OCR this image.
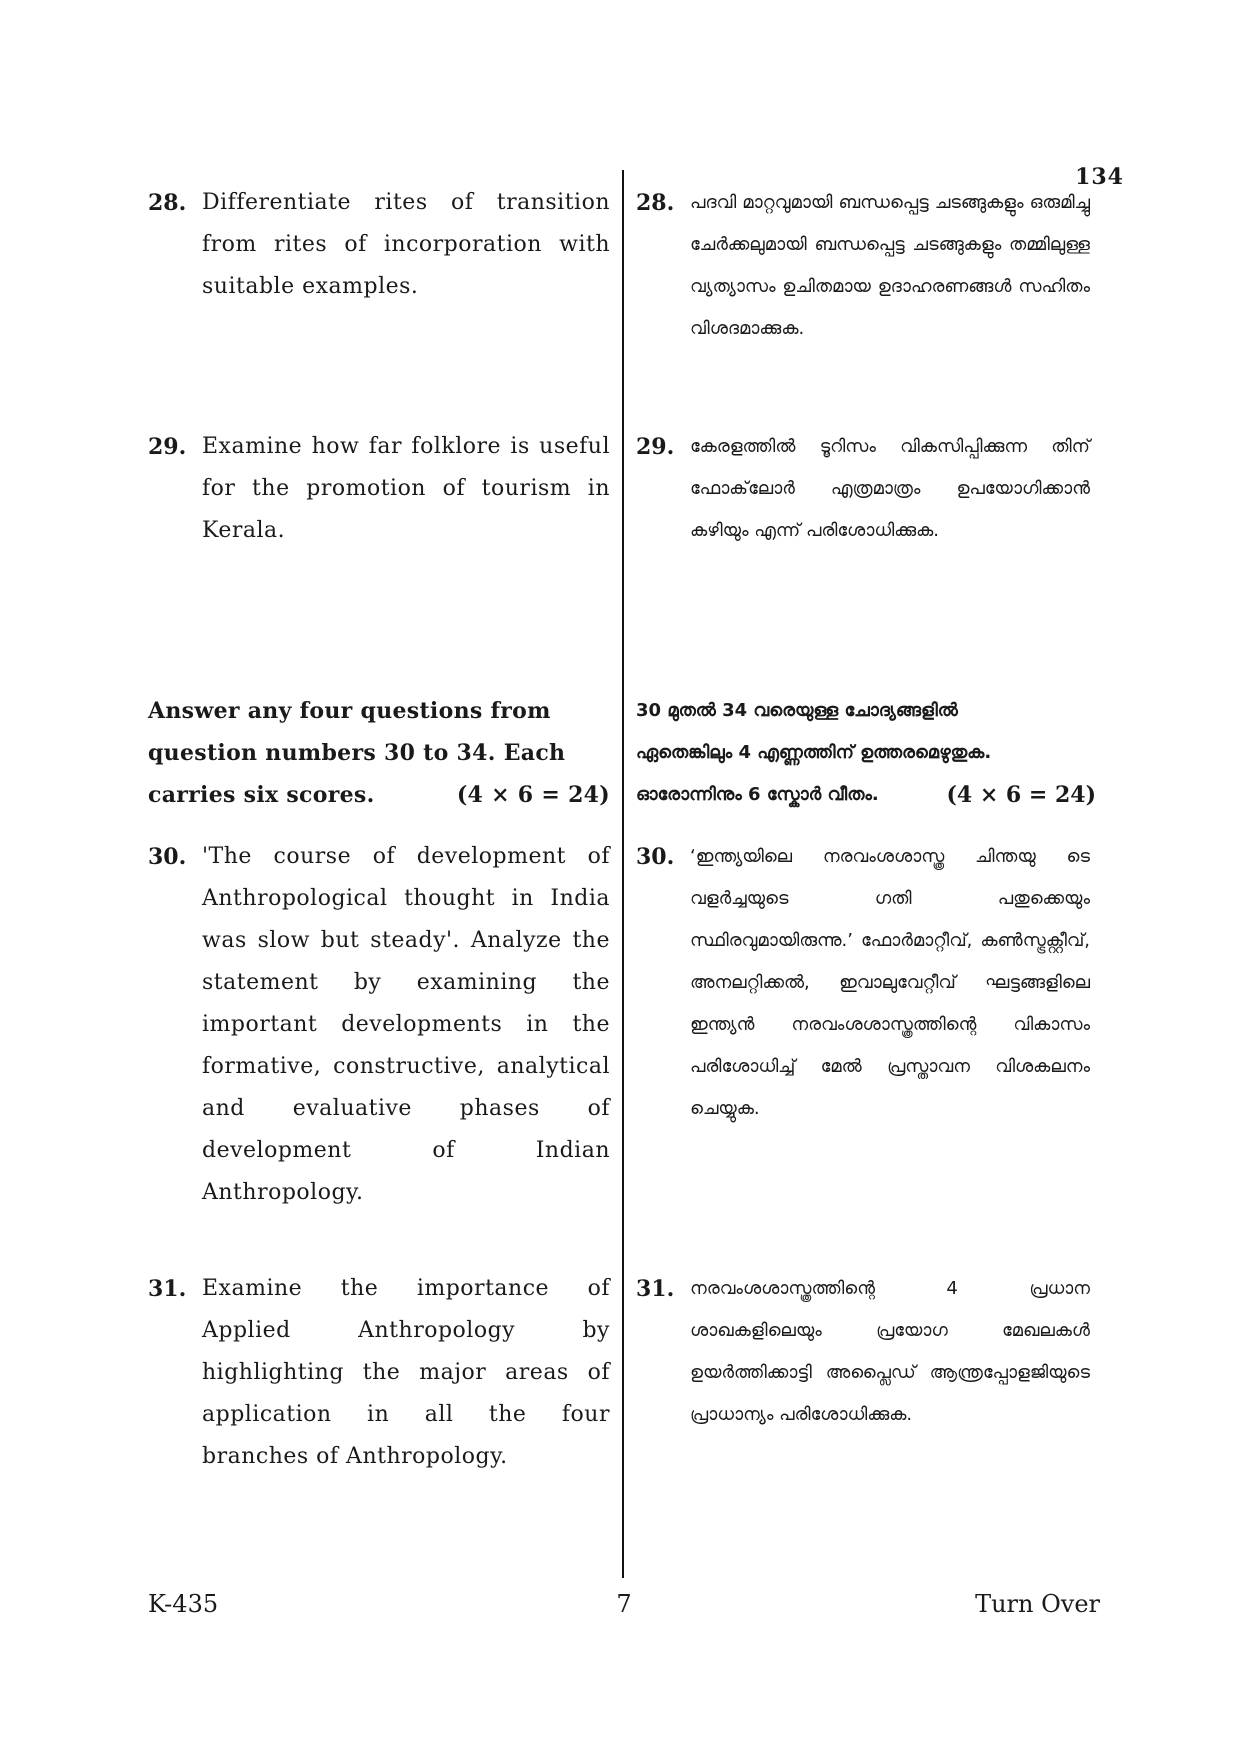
134
28. Differentiate rites of transition from rites of incorporation with suitable examples.
29. Examine how far folklore is useful for the promotion of tourism in Kerala.
Answer any four questions from question numbers 30 to 34. Each carries six scores.	(4 × 6 = 24)
30. 'The course of development of Anthropological thought in India was slow but steady'. Analyze the statement by examining the important developments in the formative, constructive, analytical and evaluative phases of development of Indian Anthropology.
31. Examine the importance of Applied Anthropology by highlighting the major areas of application in all the four branches of Anthropology.
28. പദവി മാറ്റവുമായി ബന്ധപ്പെട്ട ചടങ്ങുകളും ഒരുമിച്ചു ചേർക്കലുമായി ബന്ധപ്പെട്ട ചടങ്ങുകളും തമ്മിലുള്ള വ്യത്യാസം ഉചിതമായ ഉദാഹരണങ്ങൾ സഹിതം വിശദമാക്കുക.
29. കേരളത്തിൽ ടൂറിസം വികസിപ്പിക്കുന്ന തിന് ഫോക്‌ലോർ എത്രമാത്രം ഉപയോഗിക്കാൻ കഴിയും എന്ന് പരിശോധിക്കുക.
30 മുതൽ 34 വരെയുള്ള ചോദ്യങ്ങളിൽ
ഏതെങ്കിലും 4 എണ്ണത്തിന് ഉത്തരമെഴുതുക.
ഓരോന്നിനും 6 സ്കോർ വീതം.	(4 × 6 = 24)
30. ‘ഇന്ത്യയിലെ നരവംശശാസ്ത്ര ചിന്തയു ടെ വളർച്ചയുടെ ഗതി പതുക്കെയും സ്ഥിരവുമായിരുന്നു.’ ഫോർമാറ്റീവ്, കൺസ്ട്രക്റ്റീവ്, അനലറ്റിക്കൽ, ഇവാലുവേറ്റീവ് ഘട്ടങ്ങളിലെ ഇന്ത്യൻ നരവംശശാസ്ത്രത്തിന്റെ വികാസം പരിശോധിച്ച് മേൽ പ്രസ്താവന വിശകലനം ചെയ്യുക.
31. നരവംശശാസ്ത്രത്തിന്റെ 4 പ്രധാന ശാഖകളിലെയും പ്രയോഗ മേഖലകൾ ഉയർത്തിക്കാട്ടി അപ്ലൈഡ് ആന്ത്രപ്പോളജിയുടെ പ്രാധാന്യം പരിശോധിക്കുക.
K-435	7	Turn Over
